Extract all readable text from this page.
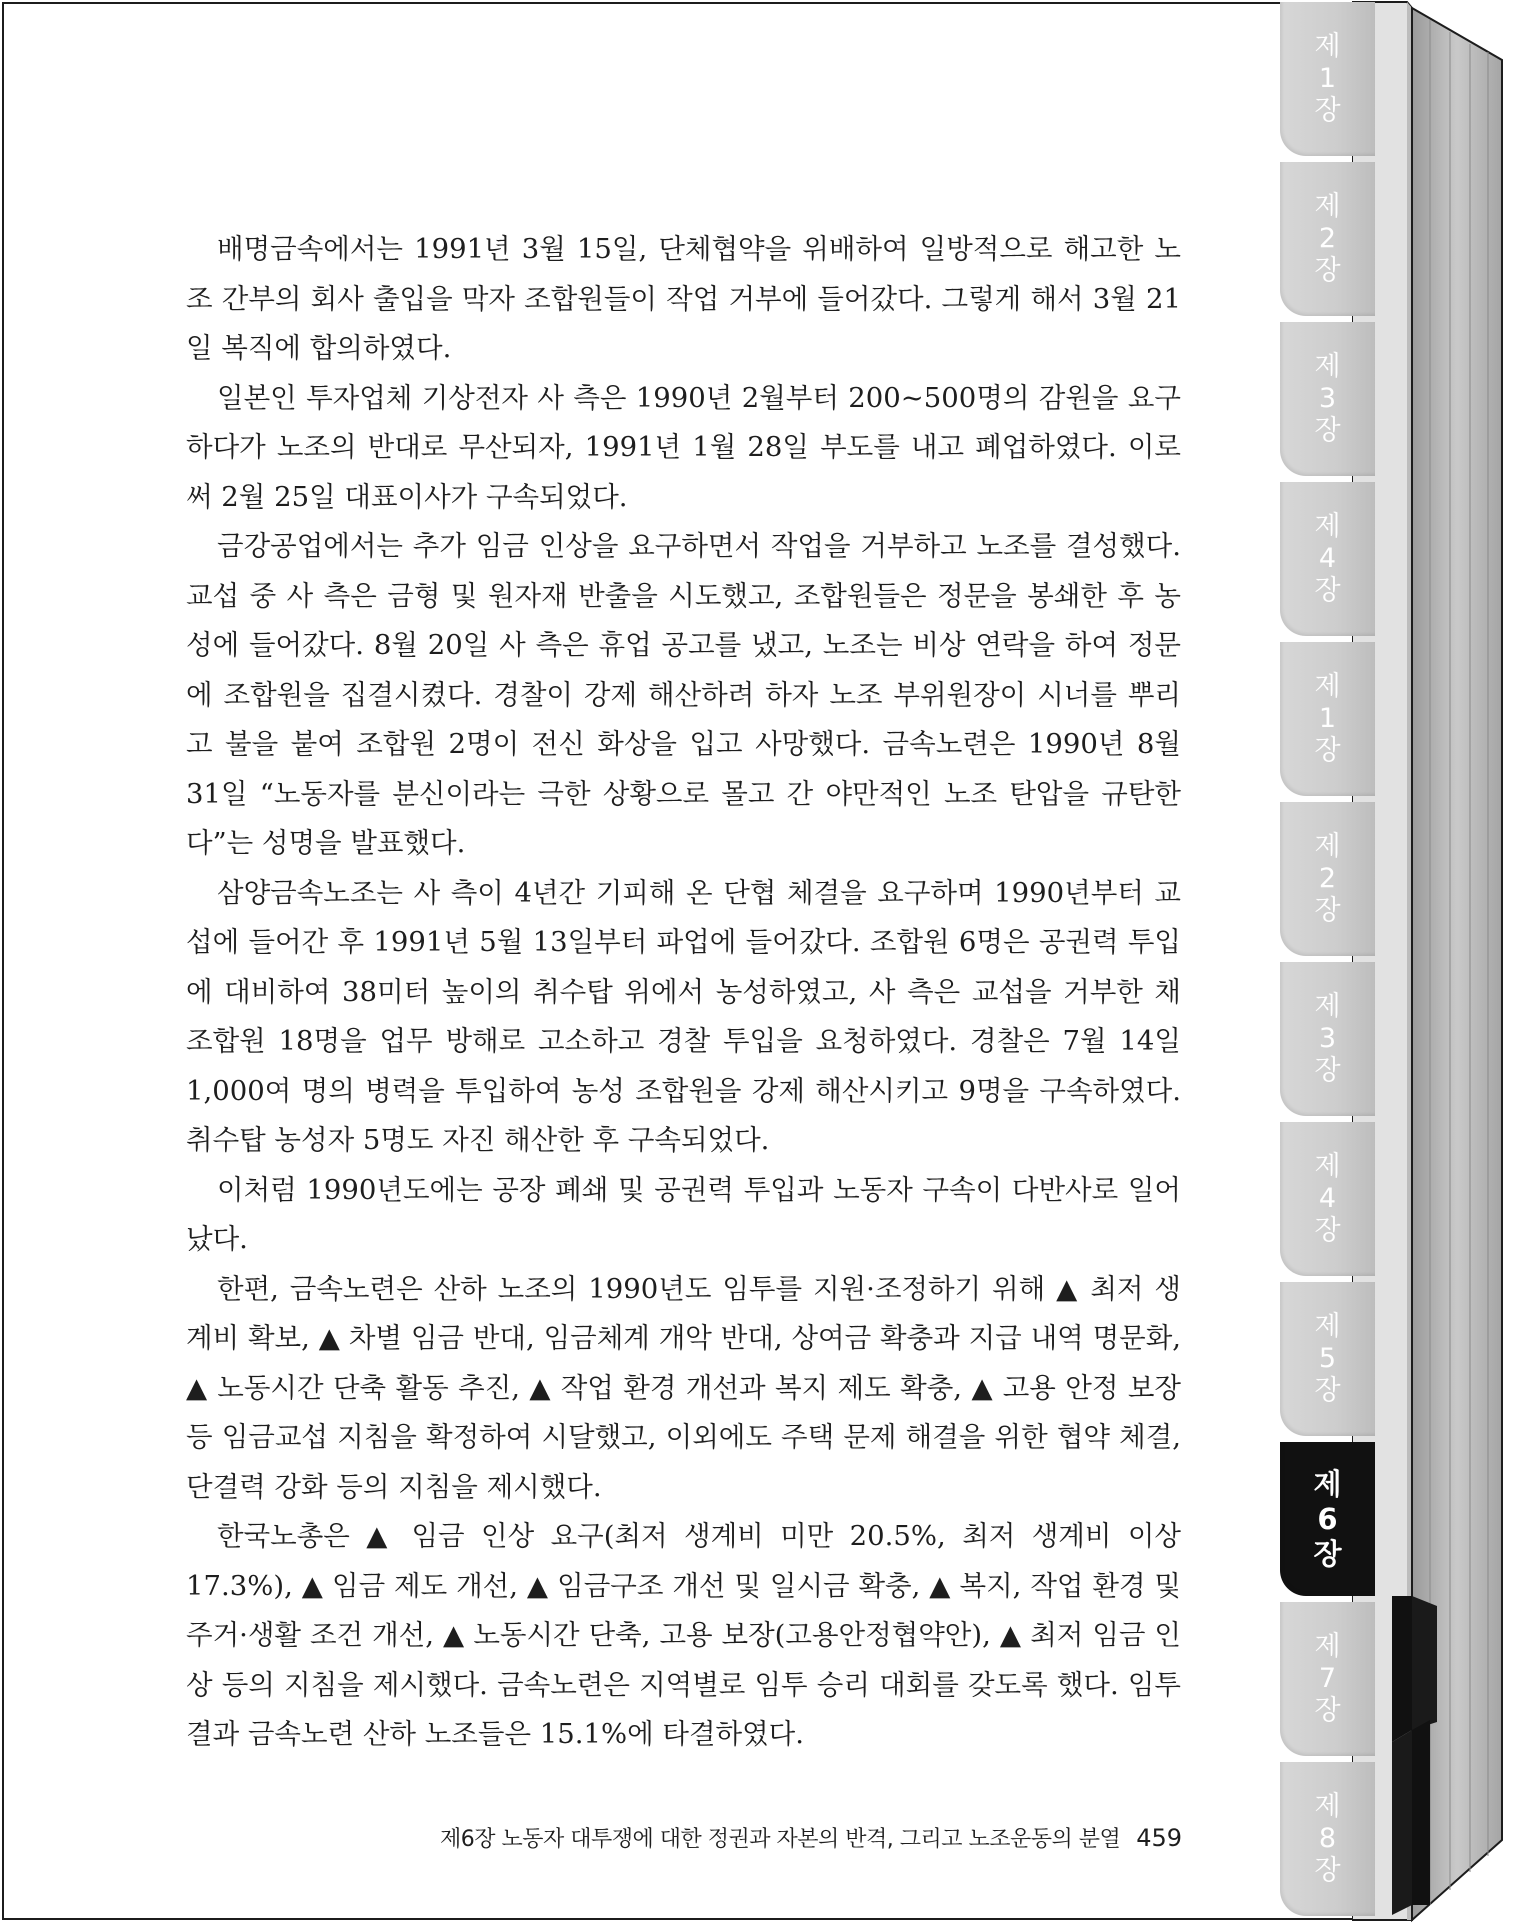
제
1
장
제
2
장
제
3
장
제
4
장
제
1
장
제
2
장
제
3
장
제
4
장
제
5
장
제
6
장
제
7
장
제
8
장

배명금속에서는 1991년 3월 15일, 단체협약을 위배하여 일방적으로 해고한 노조 간부의 회사 출입을 막자 조합원들이 작업 거부에 들어갔다. 그렇게 해서 3월 21일 복직에 합의하였다.

일본인 투자업체 기상전자 사 측은 1990년 2월부터 200~500명의 감원을 요구하다가 노조의 반대로 무산되자, 1991년 1월 28일 부도를 내고 폐업하였다. 이로써 2월 25일 대표이사가 구속되었다.

금강공업에서는 추가 임금 인상을 요구하면서 작업을 거부하고 노조를 결성했다. 교섭 중 사 측은 금형 및 원자재 반출을 시도했고, 조합원들은 정문을 봉쇄한 후 농성에 들어갔다. 8월 20일 사 측은 휴업 공고를 냈고, 노조는 비상 연락을 하여 정문에 조합원을 집결시켰다. 경찰이 강제 해산하려 하자 노조 부위원장이 시너를 뿌리고 불을 붙여 조합원 2명이 전신 화상을 입고 사망했다. 금속노련은 1990년 8월 31일 “노동자를 분신이라는 극한 상황으로 몰고 간 야만적인 노조 탄압을 규탄한다”는 성명을 발표했다.

삼양금속노조는 사 측이 4년간 기피해 온 단협 체결을 요구하며 1990년부터 교섭에 들어간 후 1991년 5월 13일부터 파업에 들어갔다. 조합원 6명은 공권력 투입에 대비하여 38미터 높이의 취수탑 위에서 농성하였고, 사 측은 교섭을 거부한 채 조합원 18명을 업무 방해로 고소하고 경찰 투입을 요청하였다. 경찰은 7월 14일 1,000여 명의 병력을 투입하여 농성 조합원을 강제 해산시키고 9명을 구속하였다. 취수탑 농성자 5명도 자진 해산한 후 구속되었다.

이처럼 1990년도에는 공장 폐쇄 및 공권력 투입과 노동자 구속이 다반사로 일어났다.

한편, 금속노련은 산하 노조의 1990년도 임투를 지원·조정하기 위해 ▲ 최저 생계비 확보, ▲ 차별 임금 반대, 임금체계 개악 반대, 상여금 확충과 지급 내역 명문화, ▲ 노동시간 단축 활동 추진, ▲ 작업 환경 개선과 복지 제도 확충, ▲ 고용 안정 보장 등 임금교섭 지침을 확정하여 시달했고, 이외에도 주택 문제 해결을 위한 협약 체결, 단결력 강화 등의 지침을 제시했다.

한국노총은 ▲ 임금 인상 요구(최저 생계비 미만 20.5%, 최저 생계비 이상 17.3%), ▲ 임금 제도 개선, ▲ 임금구조 개선 및 일시금 확충, ▲ 복지, 작업 환경 및 주거·생활 조건 개선, ▲ 노동시간 단축, 고용 보장(고용안정협약안), ▲ 최저 임금 인상 등의 지침을 제시했다. 금속노련은 지역별로 임투 승리 대회를 갖도록 했다. 임투 결과 금속노련 산하 노조들은 15.1%에 타결하였다.

제6장 노동자 대투쟁에 대한 정권과 자본의 반격, 그리고 노조운동의 분열 459
